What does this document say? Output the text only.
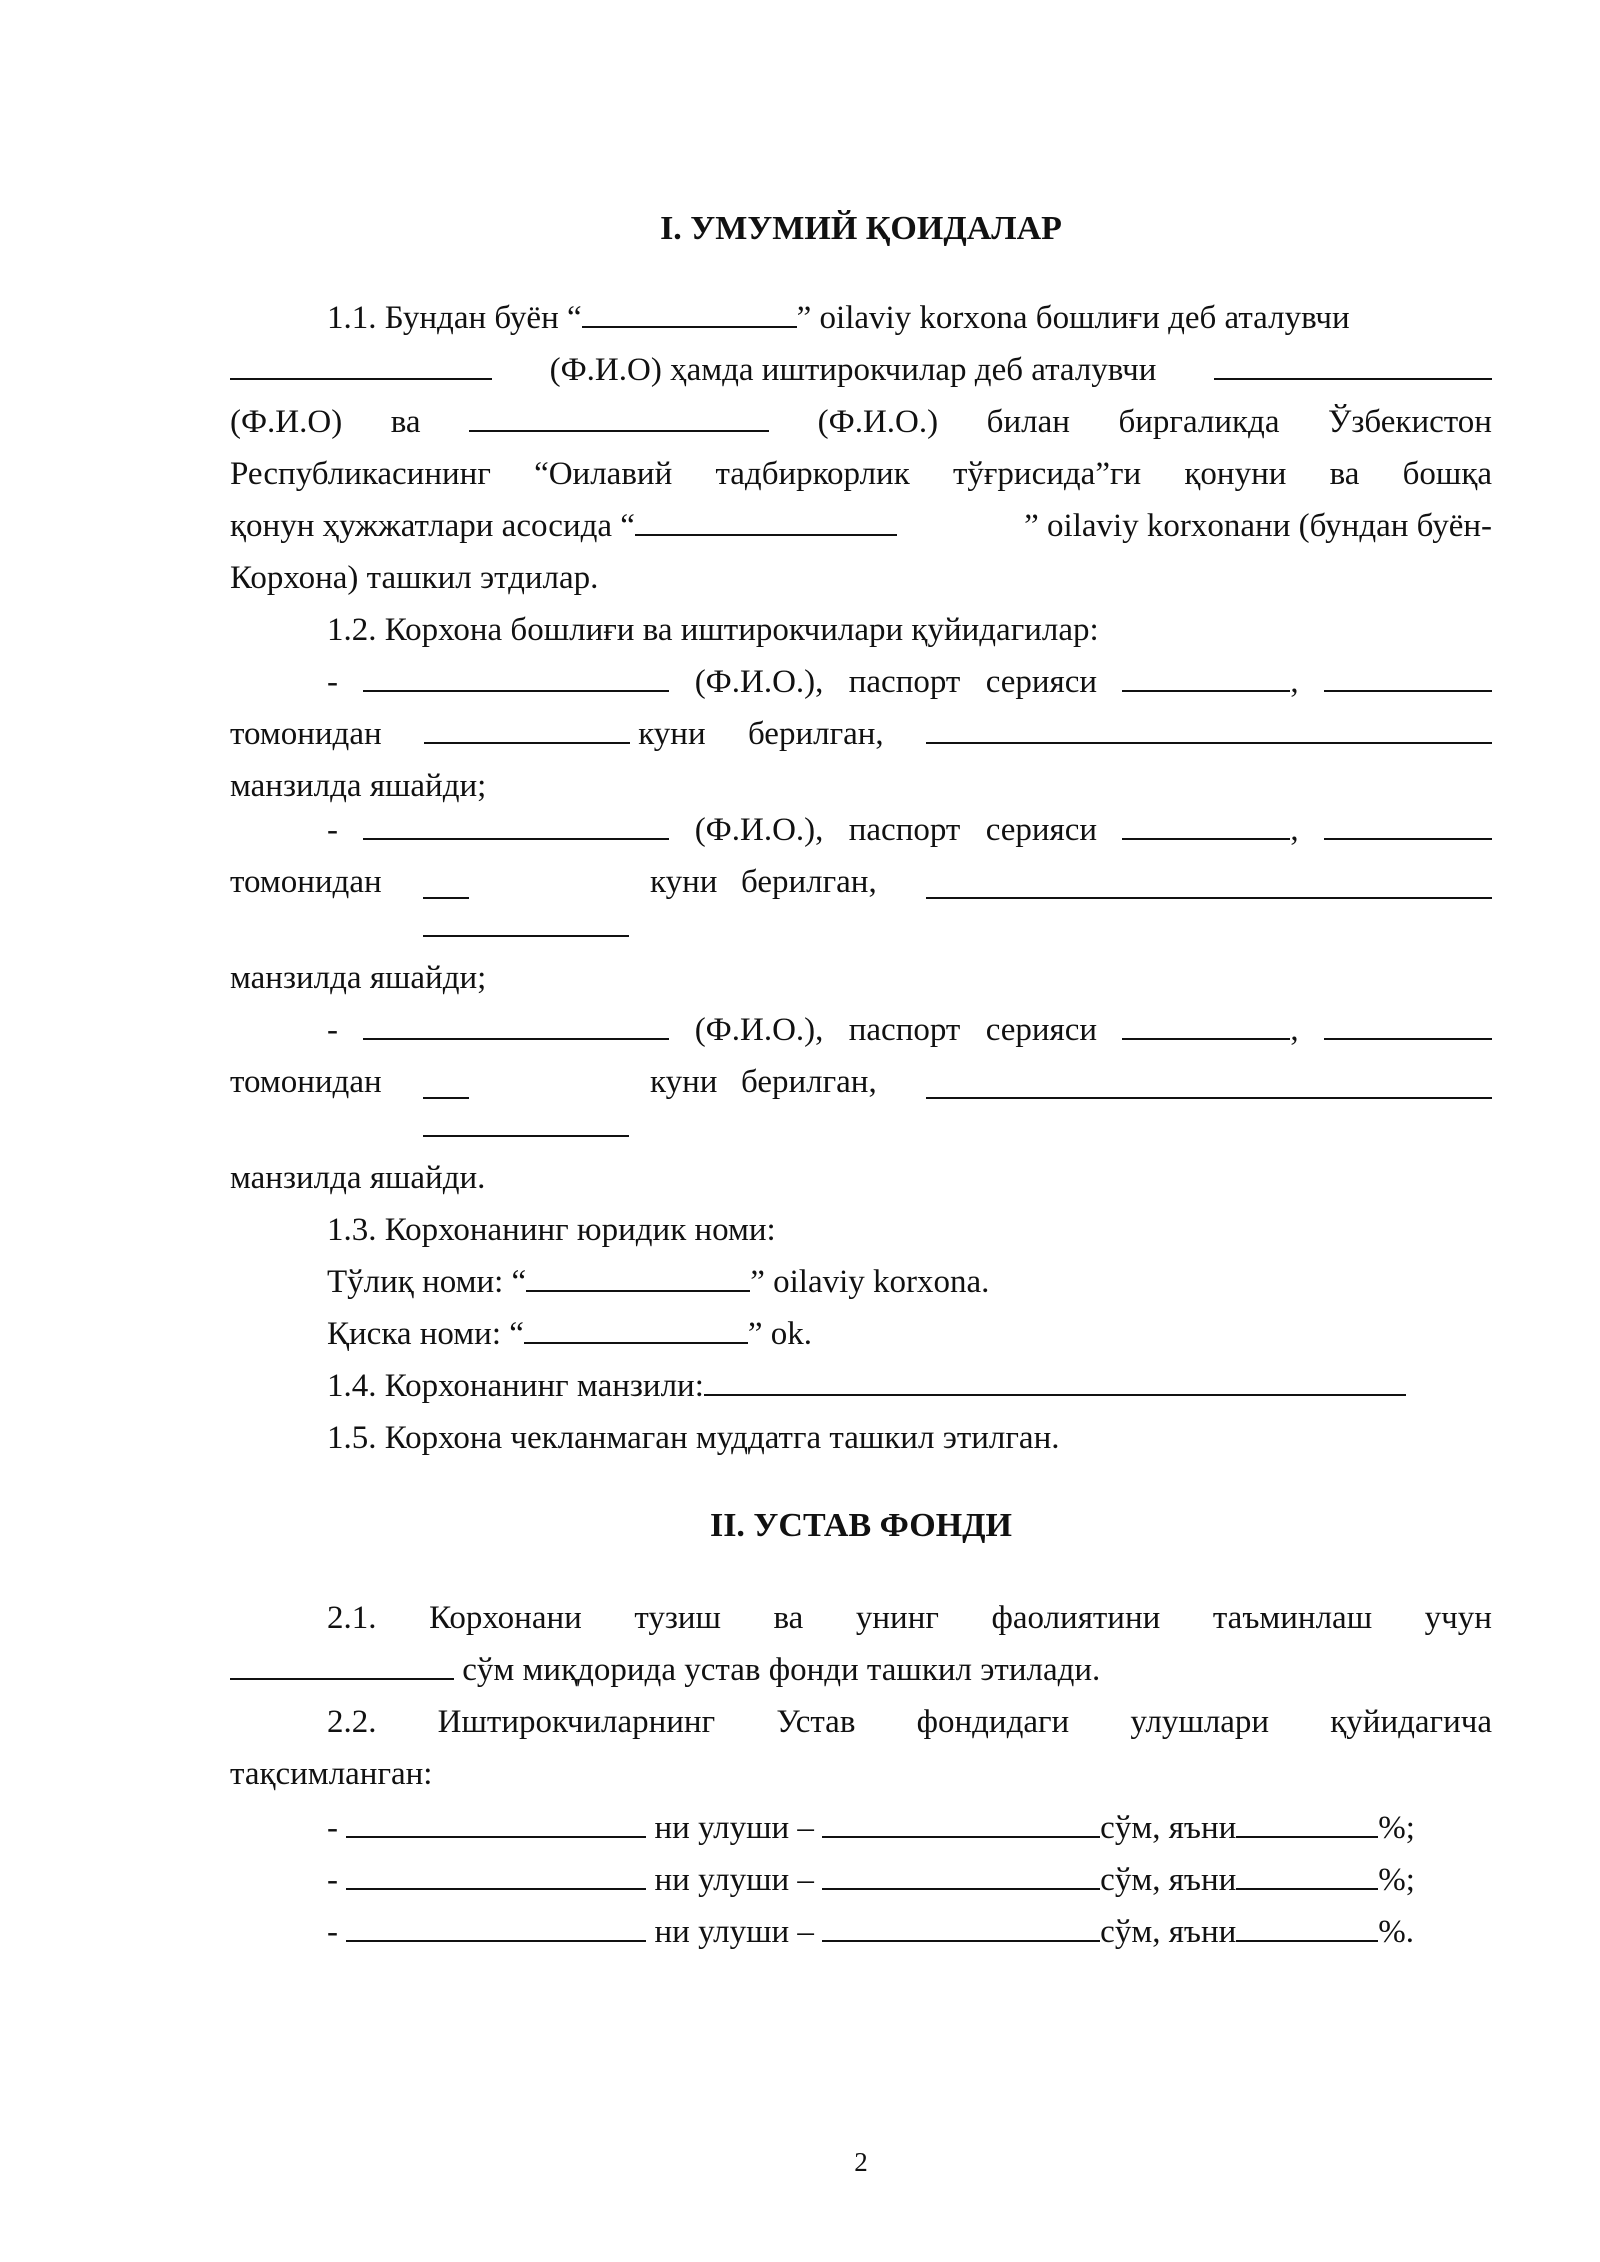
I. УМУМИЙ ҚОИДАЛАР
1.1. Бундан буён “	” oilaviy korxona бошлиғи деб аталувчи
(Ф.И.О) ҳамда иштирокчилар деб аталувчи
(Ф.И.О) ва	(Ф.И.О.) билан биргаликда Ўзбекистон
Республикасининг “Оилавий тадбиркорлик тўғрисида”ги қонуни ва бошқа
қонун ҳужжатлари асосида “	” oilaviy korxonaни (бундан буён-
Корхона) ташкил этдилар.
1.2. Корхона бошлиғи ва иштирокчилари қуйидагилар:
-	(Ф.И.О.), паспорт серияси	,
томонидан	куни берилган,
манзилда яшайди;
-	(Ф.И.О.), паспорт серияси	,
томонидан	куни берилган,
манзилда яшайди;
-	(Ф.И.О.), паспорт серияси	,
томонидан	куни берилган,
манзилда яшайди.
1.3. Корхонанинг юридик номи:
Тўлиқ номи: “	” oilaviy korxona.
Қиска номи: “	” ok.
1.4. Корхонанинг манзили:
1.5. Корхона чекланмаган муддатга ташкил этилган.
II. УСТАВ ФОНДИ
2.1. Корхонани тузиш ва унинг фаолиятини таъминлаш учун
сўм миқдорида устав фонди ташкил этилади.
2.2. Иштирокчиларнинг Устав фондидаги улушлари қуйидагича
тақсимланган:
-	ни улуши –	сўм, яъни	%;
-	ни улуши –	сўм, яъни	%;
-	ни улуши –	сўм, яъни	%.
2
